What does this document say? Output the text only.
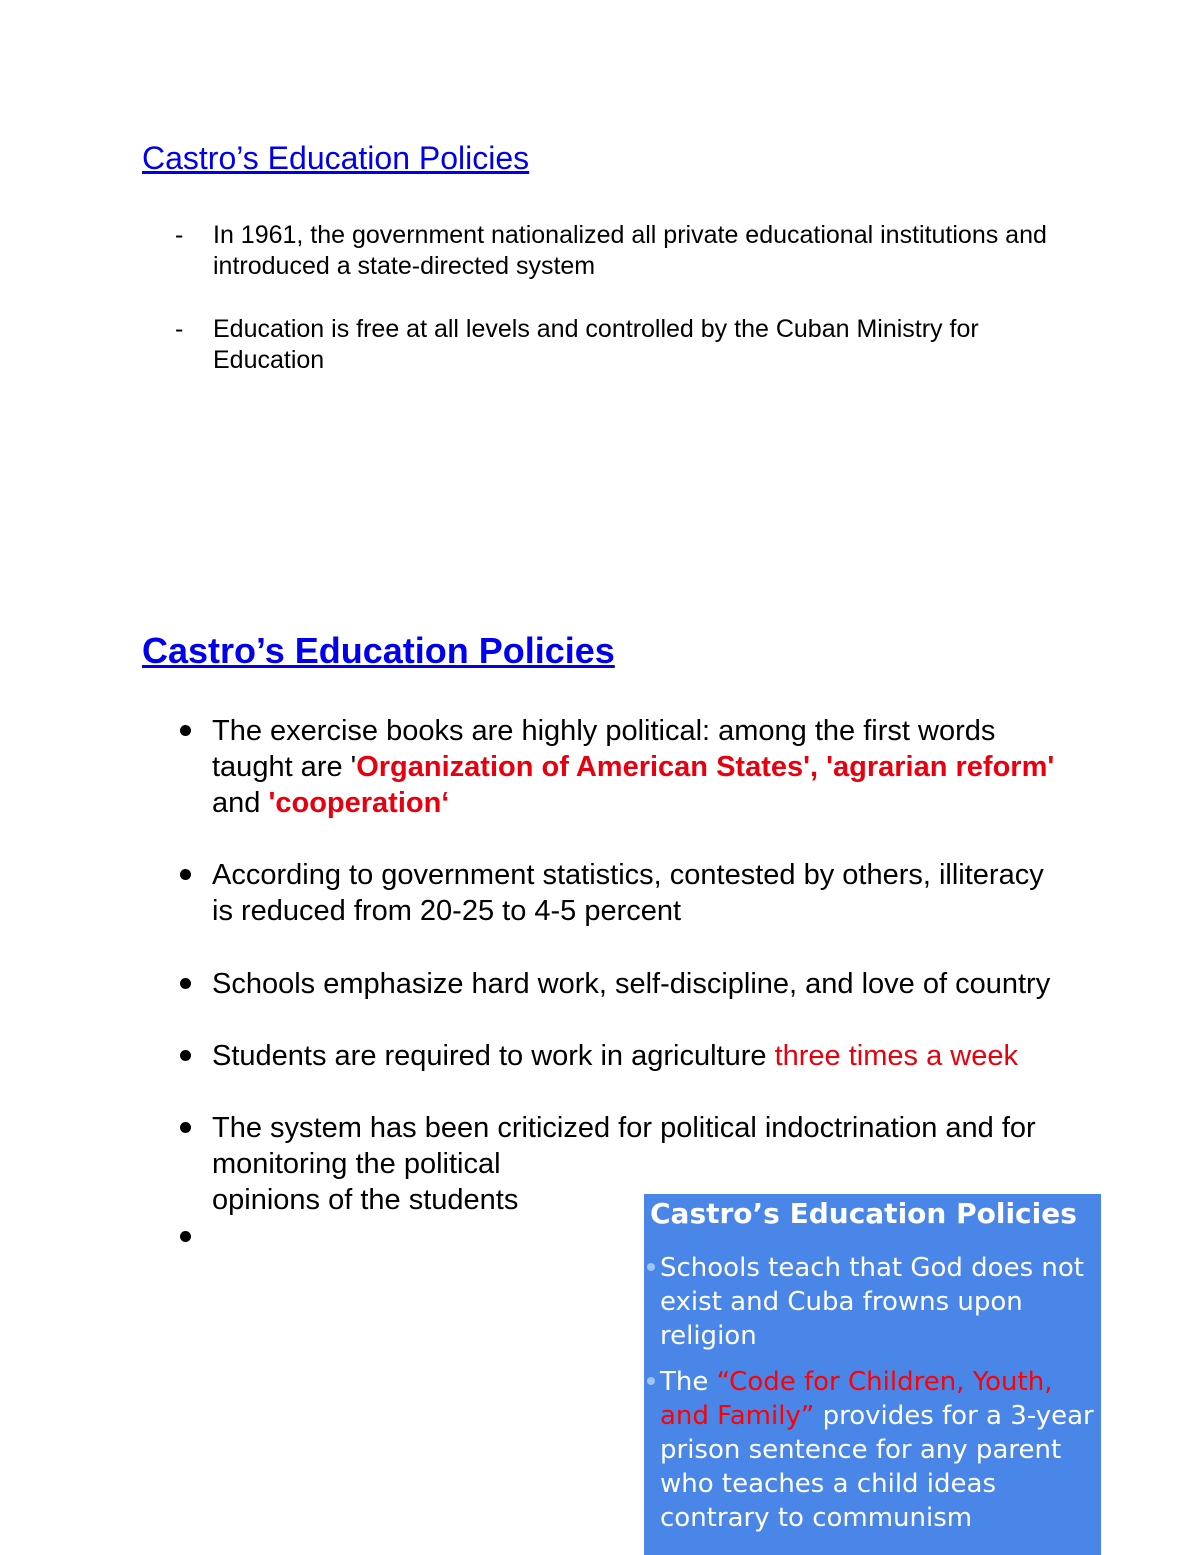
Castro’s Education Policies
- In 1961, the government nationalized all private educational institutions and introduced a state-directed system
- Education is free at all levels and controlled by the Cuban Ministry for Education
Castro’s Education Policies
The exercise books are highly political: among the first words taught are 'Organization of American States', 'agrarian reform' and 'cooperation‘
According to government statistics, contested by others, illiteracy is reduced from 20-25 to 4-5 percent
Schools emphasize hard work, self-discipline, and love of country
Students are required to work in agriculture three times a week
The system has been criticized for political indoctrination and for monitoring the political
opinions of the students	Castro’s Education Policies
Schools teach that God does not exist and Cuba frowns upon religion
The “Code for Children, Youth, and Family” provides for a 3-year prison sentence for any parent who teaches a child ideas contrary to communism
